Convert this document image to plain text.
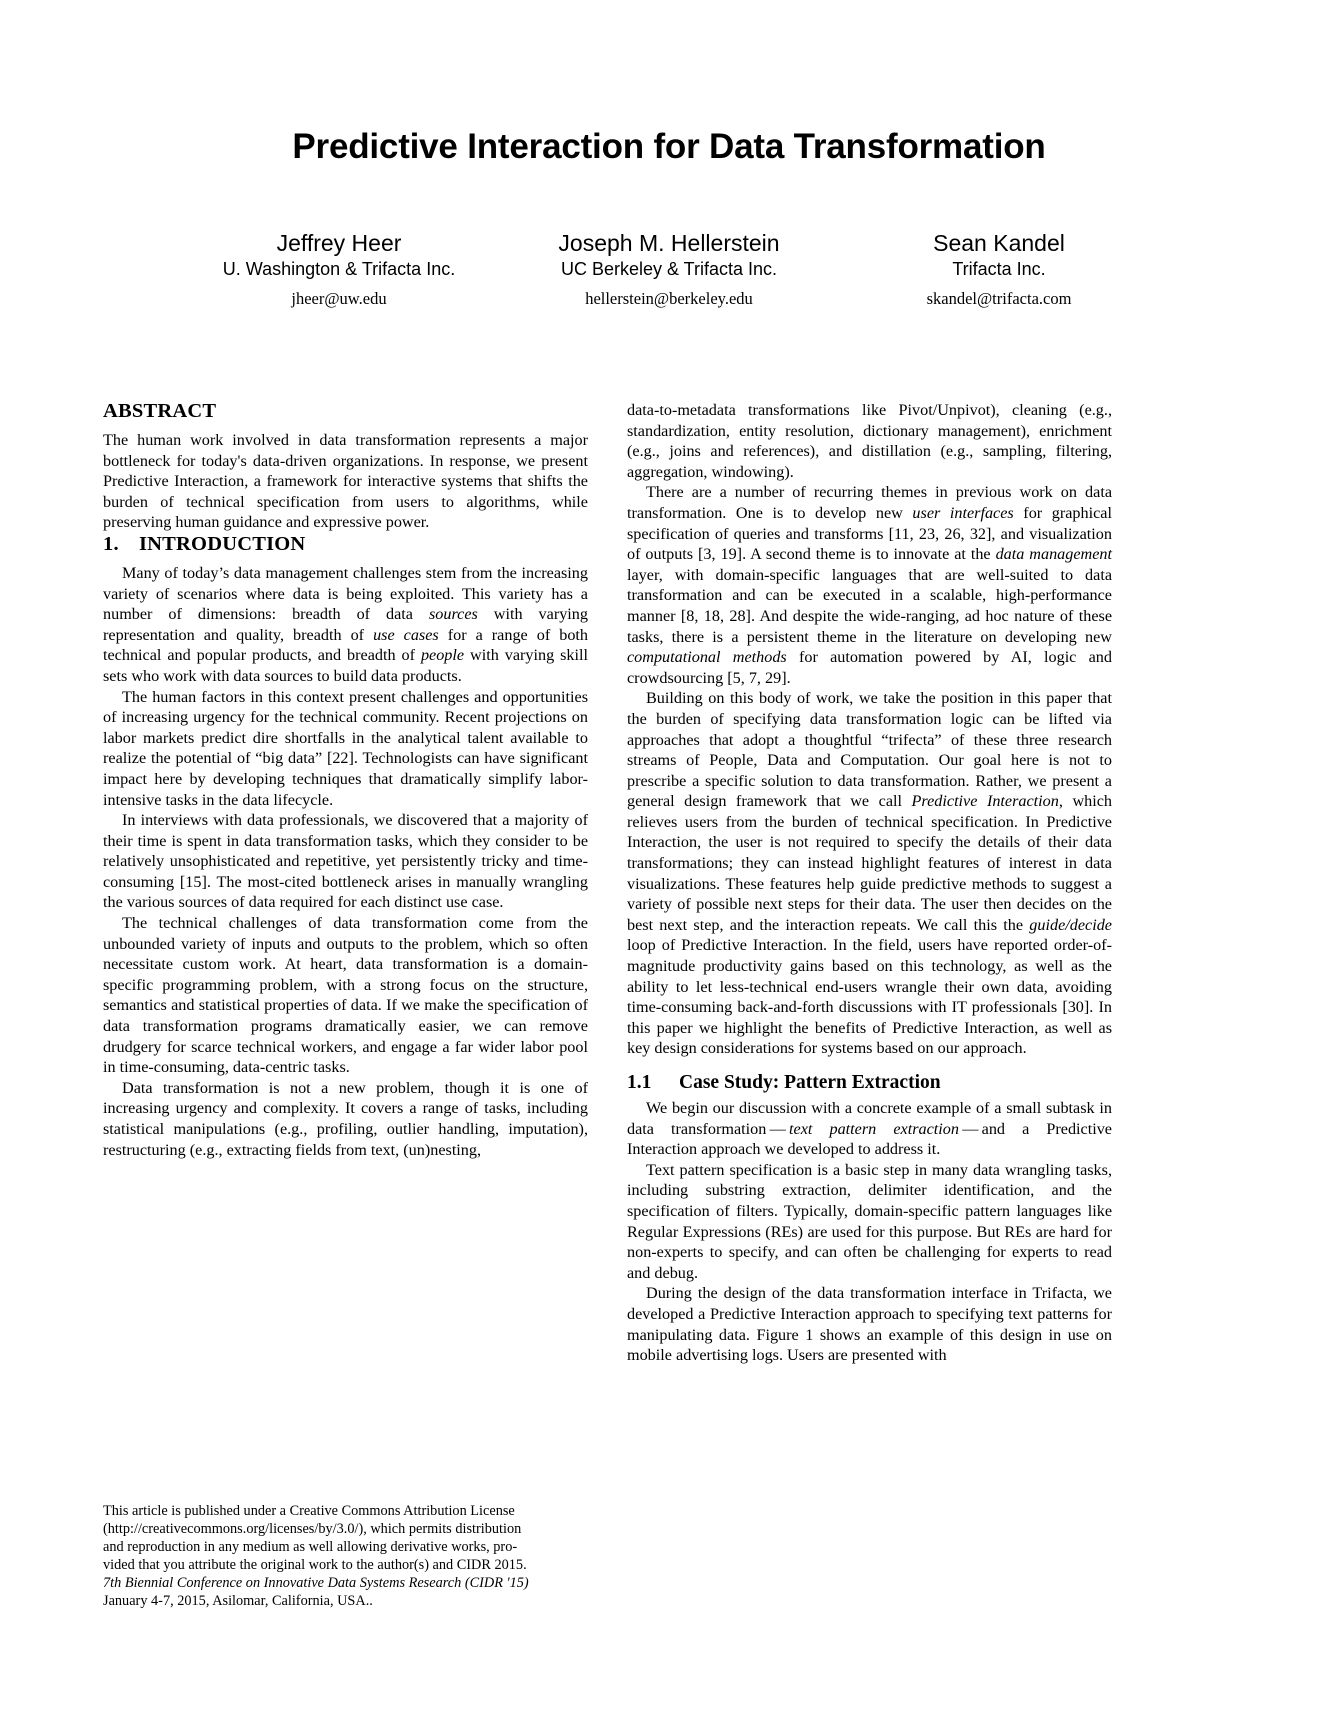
Predictive Interaction for Data Transformation
Jeffrey Heer
U. Washington & Trifacta Inc.
jheer@uw.edu
Joseph M. Hellerstein
UC Berkeley & Trifacta Inc.
hellerstein@berkeley.edu
Sean Kandel
Trifacta Inc.
skandel@trifacta.com
ABSTRACT

The human work involved in data transformation represents a major bottleneck for today's data-driven organizations. In response, we present Predictive Interaction, a framework for interactive systems that shifts the burden of technical specification from users to algorithms, while preserving human guidance and expressive power.

1. INTRODUCTION

Many of today’s data management challenges stem from the increasing variety of scenarios where data is being exploited. This variety has a number of dimensions: breadth of data sources with varying representation and quality, breadth of use cases for a range of both technical and popular products, and breadth of people with varying skill sets who work with data sources to build data products.

The human factors in this context present challenges and opportunities of increasing urgency for the technical community. Recent projections on labor markets predict dire shortfalls in the analytical talent available to realize the potential of “big data” [22]. Technologists can have significant impact here by developing techniques that dramatically simplify labor-intensive tasks in the data lifecycle.

In interviews with data professionals, we discovered that a majority of their time is spent in data transformation tasks, which they consider to be relatively unsophisticated and repetitive, yet persistently tricky and time-consuming [15]. The most-cited bottleneck arises in manually wrangling the various sources of data required for each distinct use case.

The technical challenges of data transformation come from the unbounded variety of inputs and outputs to the problem, which so often necessitate custom work. At heart, data transformation is a domain-specific programming problem, with a strong focus on the structure, semantics and statistical properties of data. If we make the specification of data transformation programs dramatically easier, we can remove drudgery for scarce technical workers, and engage a far wider labor pool in time-consuming, data-centric tasks.

Data transformation is not a new problem, though it is one of increasing urgency and complexity. It covers a range of tasks, including statistical manipulations (e.g., profiling, outlier handling, imputation), restructuring (e.g., extracting fields from text, (un)nesting,

This article is published under a Creative Commons Attribution License

(http://creativecommons.org/licenses/by/3.0/), which permits distribution

and reproduction in any medium as well allowing derivative works, pro-

vided that you attribute the original work to the author(s) and CIDR 2015.

7th Biennial Conference on Innovative Data Systems Research (CIDR '15)

January 4-7, 2015, Asilomar, California, USA..

data-to-metadata transformations like Pivot/Unpivot), cleaning (e.g., standardization, entity resolution, dictionary management), enrichment (e.g., joins and references), and distillation (e.g., sampling, filtering, aggregation, windowing).

There are a number of recurring themes in previous work on data transformation. One is to develop new user interfaces for graphical specification of queries and transforms [11, 23, 26, 32], and visualization of outputs [3, 19]. A second theme is to innovate at the data management layer, with domain-specific languages that are well-suited to data transformation and can be executed in a scalable, high-performance manner [8, 18, 28]. And despite the wide-ranging, ad hoc nature of these tasks, there is a persistent theme in the literature on developing new computational methods for automation powered by AI, logic and crowdsourcing [5, 7, 29].

Building on this body of work, we take the position in this paper that the burden of specifying data transformation logic can be lifted via approaches that adopt a thoughtful “trifecta” of these three research streams of People, Data and Computation. Our goal here is not to prescribe a specific solution to data transformation. Rather, we present a general design framework that we call Predictive Interaction, which relieves users from the burden of technical specification. In Predictive Interaction, the user is not required to specify the details of their data transformations; they can instead highlight features of interest in data visualizations. These features help guide predictive methods to suggest a variety of possible next steps for their data. The user then decides on the best next step, and the interaction repeats. We call this the guide/decide loop of Predictive Interaction. In the field, users have reported order-of-magnitude productivity gains based on this technology, as well as the ability to let less-technical end-users wrangle their own data, avoiding time-consuming back-and-forth discussions with IT professionals [30]. In this paper we highlight the benefits of Predictive Interaction, as well as key design considerations for systems based on our approach.

1.1 Case Study: Pattern Extraction

We begin our discussion with a concrete example of a small subtask in data transformation — text pattern extraction — and a Predictive Interaction approach we developed to address it.

Text pattern specification is a basic step in many data wrangling tasks, including substring extraction, delimiter identification, and the specification of filters. Typically, domain-specific pattern languages like Regular Expressions (REs) are used for this purpose. But REs are hard for non-experts to specify, and can often be challenging for experts to read and debug.

During the design of the data transformation interface in Trifacta, we developed a Predictive Interaction approach to specifying text patterns for manipulating data. Figure 1 shows an example of this design in use on mobile advertising logs. Users are presented with
